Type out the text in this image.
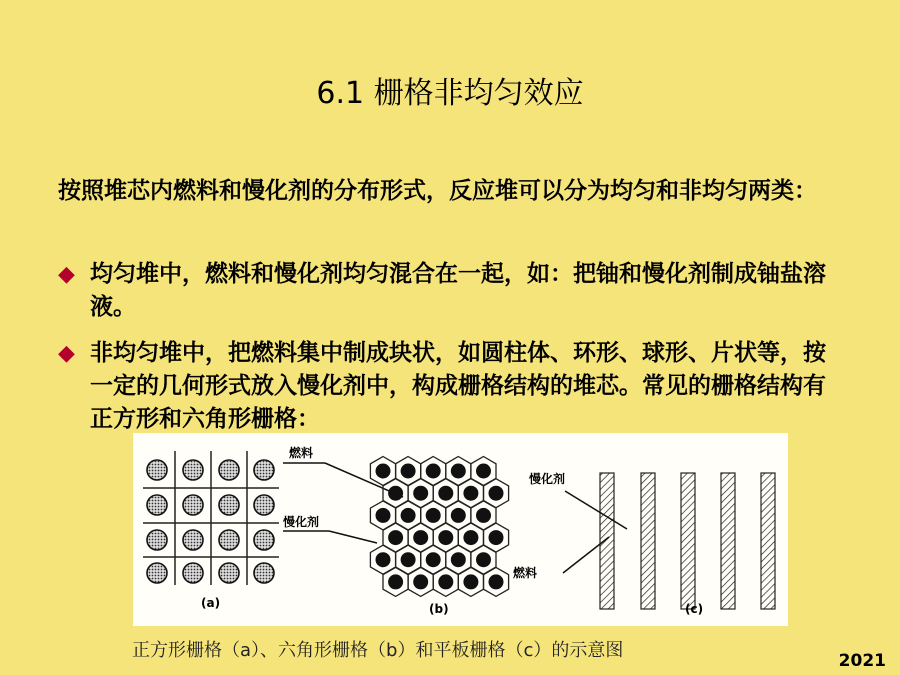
6.1 栅格非均匀效应
按照堆芯内燃料和慢化剂的分布形式，反应堆可以分为均匀和非均匀两类：
◆ 均匀堆中，燃料和慢化剂均匀混合在一起，如：把铀和慢化剂制成铀盐溶液。
◆ 非均匀堆中，把燃料集中制成块状，如圆柱体、环形、球形、片状等，按一定的几何形式放入慢化剂中，构成栅格结构的堆芯。常见的栅格结构有正方形和六角形栅格：
燃料
慢化剂
慢化剂
燃料
(a)	(b)	(c)
正方形栅格（a）、六角形栅格（b）和平板栅格（c）的示意图	2021
